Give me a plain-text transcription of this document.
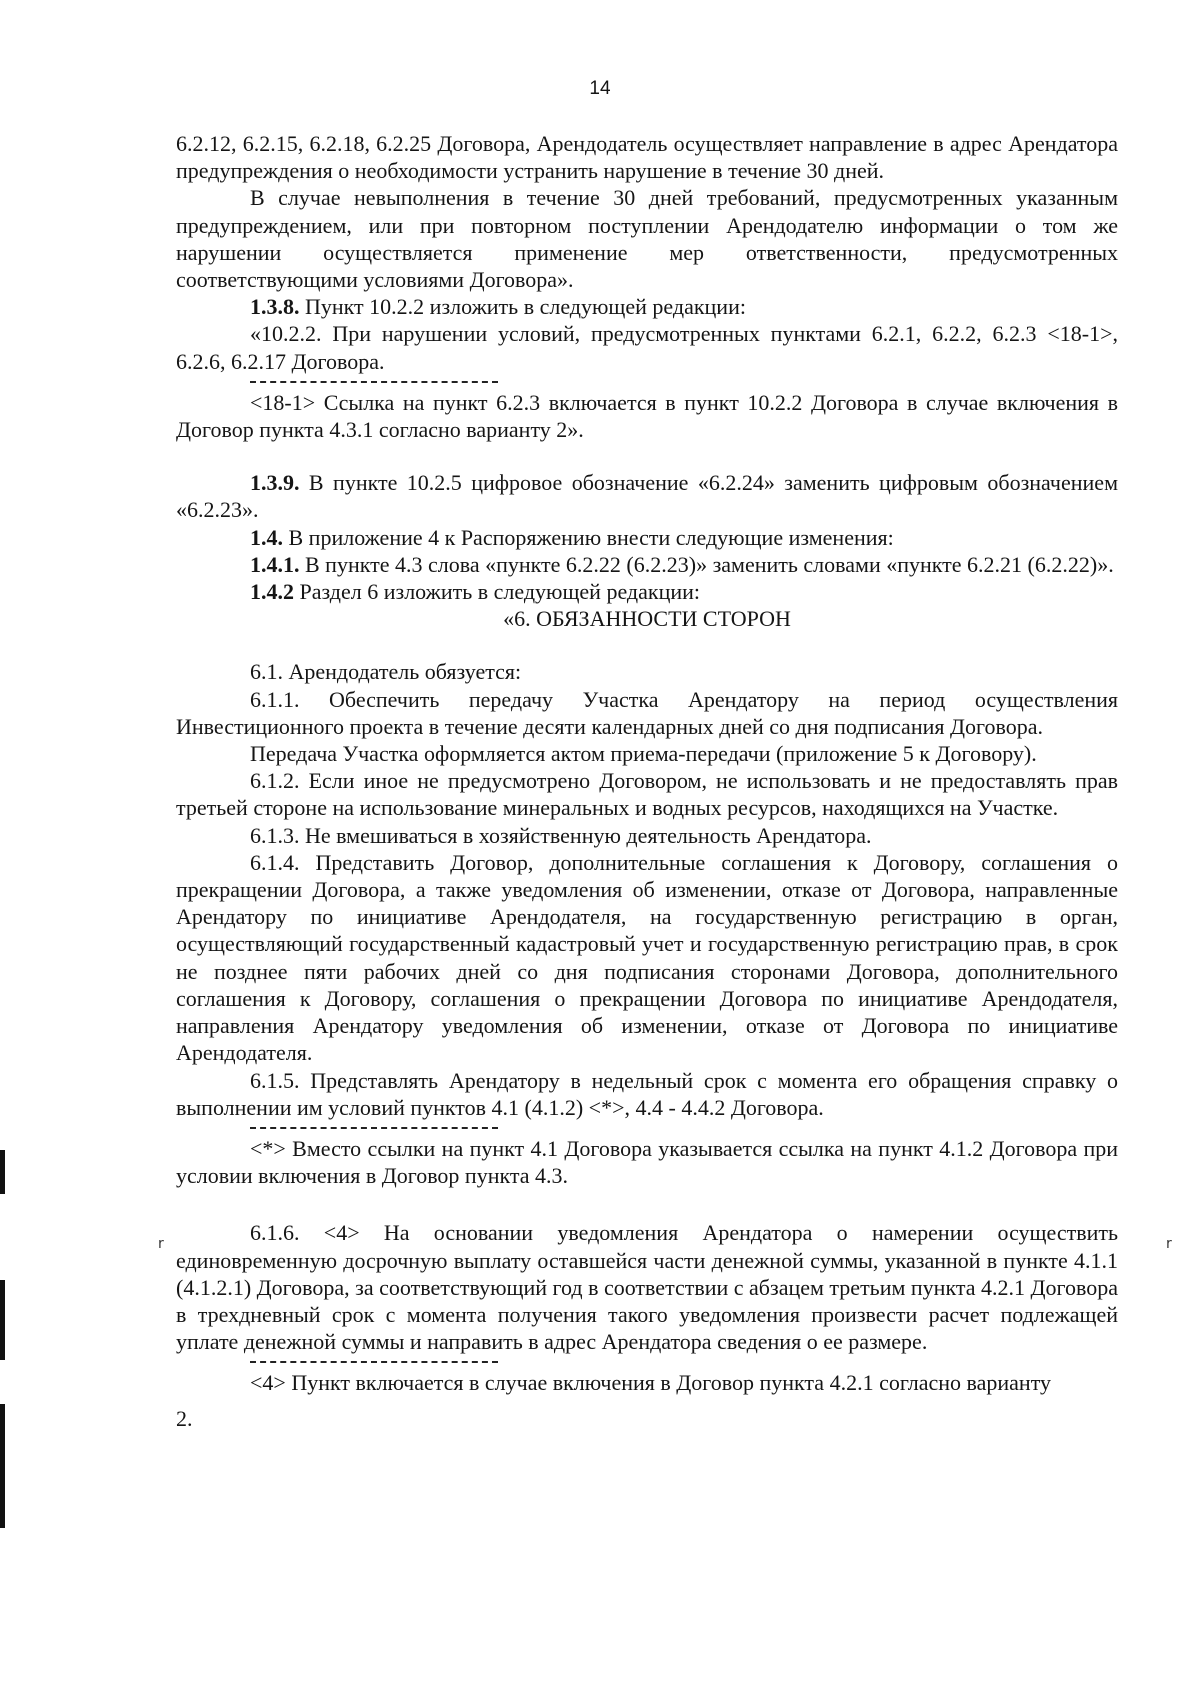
14
r	r

6.2.12, 6.2.15, 6.2.18, 6.2.25 Договора, Арендодатель осуществляет направление в адрес Арендатора предупреждения о необходимости устранить нарушение в течение 30 дней.

В случае невыполнения в течение 30 дней требований, предусмотренных указанным предупреждением, или при повторном поступлении Арендодателю информации о том же нарушении осуществляется применение мер ответственности, предусмотренных соответствующими условиями Договора».

1.3.8. Пункт 10.2.2 изложить в следующей редакции:

«10.2.2. При нарушении условий, предусмотренных пунктами 6.2.1, 6.2.2, 6.2.3 <18-1>, 6.2.6, 6.2.17 Договора.

<18-1> Ссылка на пункт 6.2.3 включается в пункт 10.2.2 Договора в случае включения в Договор пункта 4.3.1 согласно варианту 2».

1.3.9. В пункте 10.2.5 цифровое обозначение «6.2.24» заменить цифровым обозначением «6.2.23».

1.4. В приложение 4 к Распоряжению внести следующие изменения:

1.4.1. В пункте 4.3 слова «пункте 6.2.22 (6.2.23)» заменить словами «пункте 6.2.21 (6.2.22)».

1.4.2 Раздел 6 изложить в следующей редакции:

«6. ОБЯЗАННОСТИ СТОРОН

6.1. Арендодатель обязуется:

6.1.1. Обеспечить передачу Участка Арендатору на период осуществления Инвестиционного проекта в течение десяти календарных дней со дня подписания Договора.

Передача Участка оформляется актом приема-передачи (приложение 5 к Договору).

6.1.2. Если иное не предусмотрено Договором, не использовать и не предоставлять прав третьей стороне на использование минеральных и водных ресурсов, находящихся на Участке.

6.1.3. Не вмешиваться в хозяйственную деятельность Арендатора.

6.1.4. Представить Договор, дополнительные соглашения к Договору, соглашения о прекращении Договора, а также уведомления об изменении, отказе от Договора, направленные Арендатору по инициативе Арендодателя, на государственную регистрацию в орган, осуществляющий государственный кадастровый учет и государственную регистрацию прав, в срок не позднее пяти рабочих дней со дня подписания сторонами Договора, дополнительного соглашения к Договору, соглашения о прекращении Договора по инициативе Арендодателя, направления Арендатору уведомления об изменении, отказе от Договора по инициативе Арендодателя.

6.1.5. Представлять Арендатору в недельный срок с момента его обращения справку о выполнении им условий пунктов 4.1 (4.1.2) <*>, 4.4 - 4.4.2 Договора.

<*> Вместо ссылки на пункт 4.1 Договора указывается ссылка на пункт 4.1.2 Договора при условии включения в Договор пункта 4.3.

6.1.6. <4> На основании уведомления Арендатора о намерении осуществить единовременную досрочную выплату оставшейся части денежной суммы, указанной в пункте 4.1.1 (4.1.2.1) Договора, за соответствующий год в соответствии с абзацем третьим пункта 4.2.1 Договора в трехдневный срок с момента получения такого уведомления произвести расчет подлежащей уплате денежной суммы и направить в адрес Арендатора сведения о ее размере.

<4> Пункт включается в случае включения в Договор пункта 4.2.1 согласно варианту

2.
